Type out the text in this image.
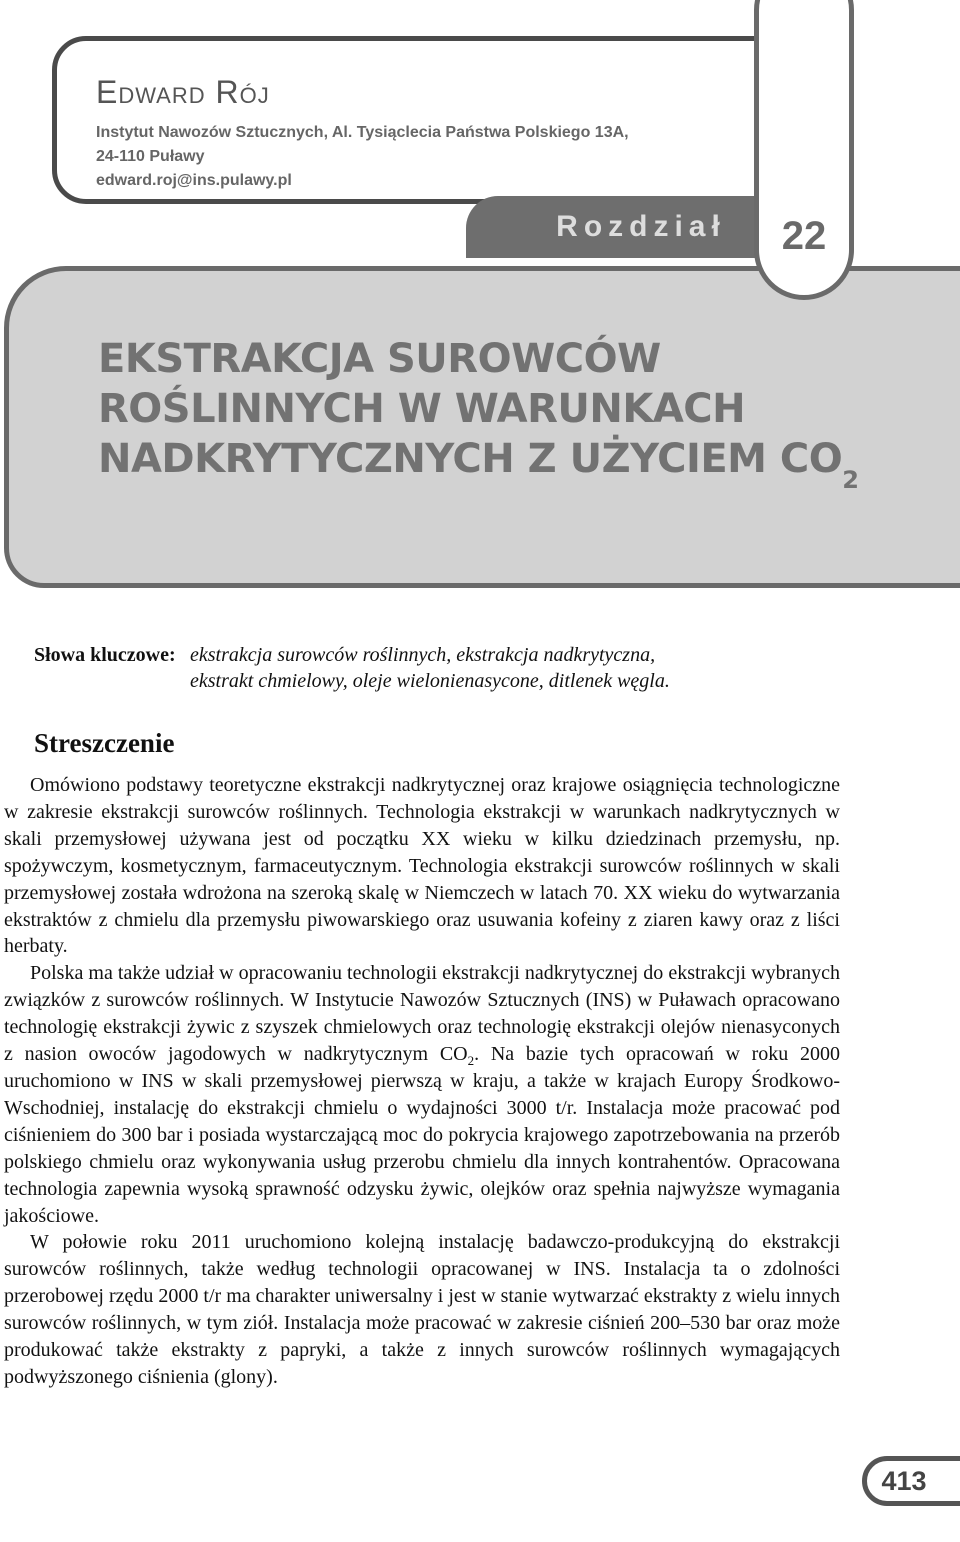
Edward Rój
Instytut Nawozów Sztucznych, Al. Tysiąclecia Państwa Polskiego 13A,
24-110 Puławy
edward.roj@ins.pulawy.pl
Rozdział	22
EKSTRAKCJA SUROWCÓW
ROŚLINNYCH W WARUNKACH
NADKRYTYCZNYCH Z UŻYCIEM $CO_2$
Słowa kluczowe: ekstrakcja surowców roślinnych, ekstrakcja nadkrytyczna,
ekstrakt chmielowy, oleje wielonienasycone, ditlenek węgla.
Streszczenie

Omówiono podstawy teoretyczne ekstrakcji nadkrytycznej oraz krajowe osiągnięcia technologiczne w zakresie ekstrakcji surowców roślinnych. Technologia ekstrakcji w warunkach nadkrytycznych w skali przemysłowej używana jest od początku XX wieku w kilku dziedzinach przemysłu, np. spożywczym, kosmetycznym, farmaceutycznym. Technologia ekstrakcji surowców roślinnych w skali przemysłowej została wdrożona na szeroką skalę w Niemczech w latach 70. XX wieku do wytwarzania ekstraktów z chmielu dla przemysłu piwowarskiego oraz usuwania kofeiny z ziaren kawy oraz z liści herbaty.

Polska ma także udział w opracowaniu technologii ekstrakcji nadkrytycznej do ekstrakcji wybranych związków z surowców roślinnych. W Instytucie Nawozów Sztucznych (INS) w Puławach opracowano technologię ekstrakcji żywic z szyszek chmielowych oraz technologię ekstrakcji olejów nienasyconych z nasion owoców jagodowych w nadkrytycznym $CO_2$. Na bazie tych opracowań w roku 2000 uruchomiono w INS w skali przemysłowej pierwszą w kraju, a także w krajach Europy Środkowo-Wschodniej, instalację do ekstrakcji chmielu o wydajności 3000 t/r. Instalacja może pracować pod ciśnieniem do 300 bar i posiada wystarczającą moc do pokrycia krajowego zapotrzebowania na przerób polskiego chmielu oraz wykonywania usług przerobu chmielu dla innych kontrahentów. Opracowana technologia zapewnia wysoką sprawność odzysku żywic, olejków oraz spełnia najwyższe wymagania jakościowe.

W połowie roku 2011 uruchomiono kolejną instalację badawczo-produkcyjną do ekstrakcji surowców roślinnych, także według technologii opracowanej w INS. Instalacja ta o zdolności przerobowej rzędu 2000 t/r ma charakter uniwersalny i jest w stanie wytwarzać ekstrakty z wielu innych surowców roślinnych, w tym ziół. Instalacja może pracować w zakresie ciśnień 200–530 bar oraz może produkować także ekstrakty z papryki, a także z innych surowców roślinnych wymagających podwyższonego ciśnienia (glony).

413
